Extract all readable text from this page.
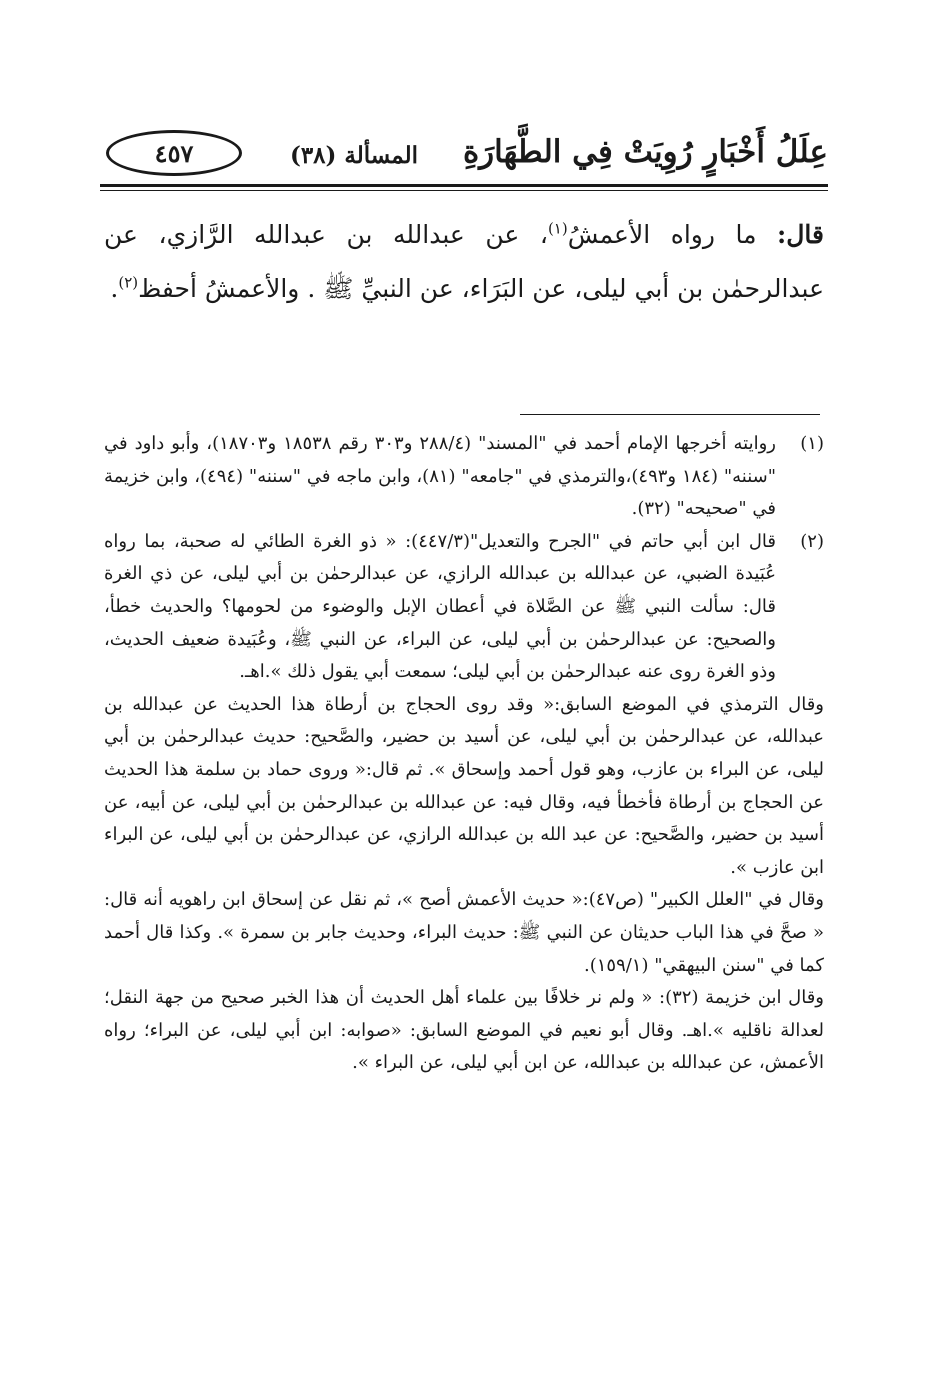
عِلَلُ أَخْبَارٍ رُوِيَتْ فِي الطَّهَارَةِ
المسألة (٣٨)
٤٥٧

قال: ما رواه الأعمشُ$^{(١)}$، عن عبدالله بن عبدالله الرَّازي، عن عبدالرحمٰن بن أبي ليلى، عن البَرَاء، عن النبيِّ ﷺ . والأعمشُ أحفظ$^{(٢)}$.

(١)

روايته أخرجها الإمام أحمد في "المسند" (٢٨٨/٤ و٣٠٣ رقم ١٨٥٣٨ و١٨٧٠٣)، وأبو داود في "سننه" (١٨٤ و٤٩٣)،والترمذي في "جامعه" (٨١)، وابن ماجه في "سننه" (٤٩٤)، وابن خزيمة في "صحيحه" (٣٢).

(٢)

قال ابن أبي حاتم في "الجرح والتعديل"(٤٤٧/٣): « ذو الغرة الطائي له صحبة، بما رواه عُبَيدة الضبي، عن عبدالله بن عبدالله الرازي، عن عبدالرحمٰن بن أبي ليلى، عن ذي الغرة قال: سألت النبي ﷺ عن الصَّلاة في أعطان الإبل والوضوء من لحومها؟ والحديث خطأ، والصحيح: عن عبدالرحمٰن بن أبي ليلى، عن البراء، عن النبي ﷺ، وعُبَيدة ضعيف الحديث، وذو الغرة روى عنه عبدالرحمٰن بن أبي ليلى؛ سمعت أبي يقول ذلك ».اهـ.

وقال الترمذي في الموضع السابق:« وقد روى الحجاج بن أرطاة هذا الحديث عن عبدالله بن عبدالله، عن عبدالرحمٰن بن أبي ليلى، عن أسيد بن حضير، والصَّحيح: حديث عبدالرحمٰن بن أبي ليلى، عن البراء بن عازب، وهو قول أحمد وإسحاق ». ثم قال:« وروى حماد بن سلمة هذا الحديث عن الحجاج بن أرطاة فأخطأ فيه، وقال فيه: عن عبدالله بن عبدالرحمٰن بن أبي ليلى، عن أبيه، عن أسيد بن حضير، والصَّحيح: عن عبد الله بن عبدالله الرازي، عن عبدالرحمٰن بن أبي ليلى، عن البراء ابن عازب ».

وقال في "العلل الكبير" (ص٤٧):« حديث الأعمش أصح »، ثم نقل عن إسحاق ابن راهويه أنه قال: « صحَّ في هذا الباب حديثان عن النبي ﷺ: حديث البراء، وحديث جابر بن سمرة ». وكذا قال أحمد كما في "سنن البيهقي" (١٥٩/١).

وقال ابن خزيمة (٣٢): « ولم نر خلافًا بين علماء أهل الحديث أن هذا الخبر صحيح من جهة النقل؛ لعدالة ناقليه ».اهـ. وقال أبو نعيم في الموضع السابق: «صوابه: ابن أبي ليلى، عن البراء؛ رواه الأعمش، عن عبدالله بن عبدالله، عن ابن أبي ليلى، عن البراء ».
